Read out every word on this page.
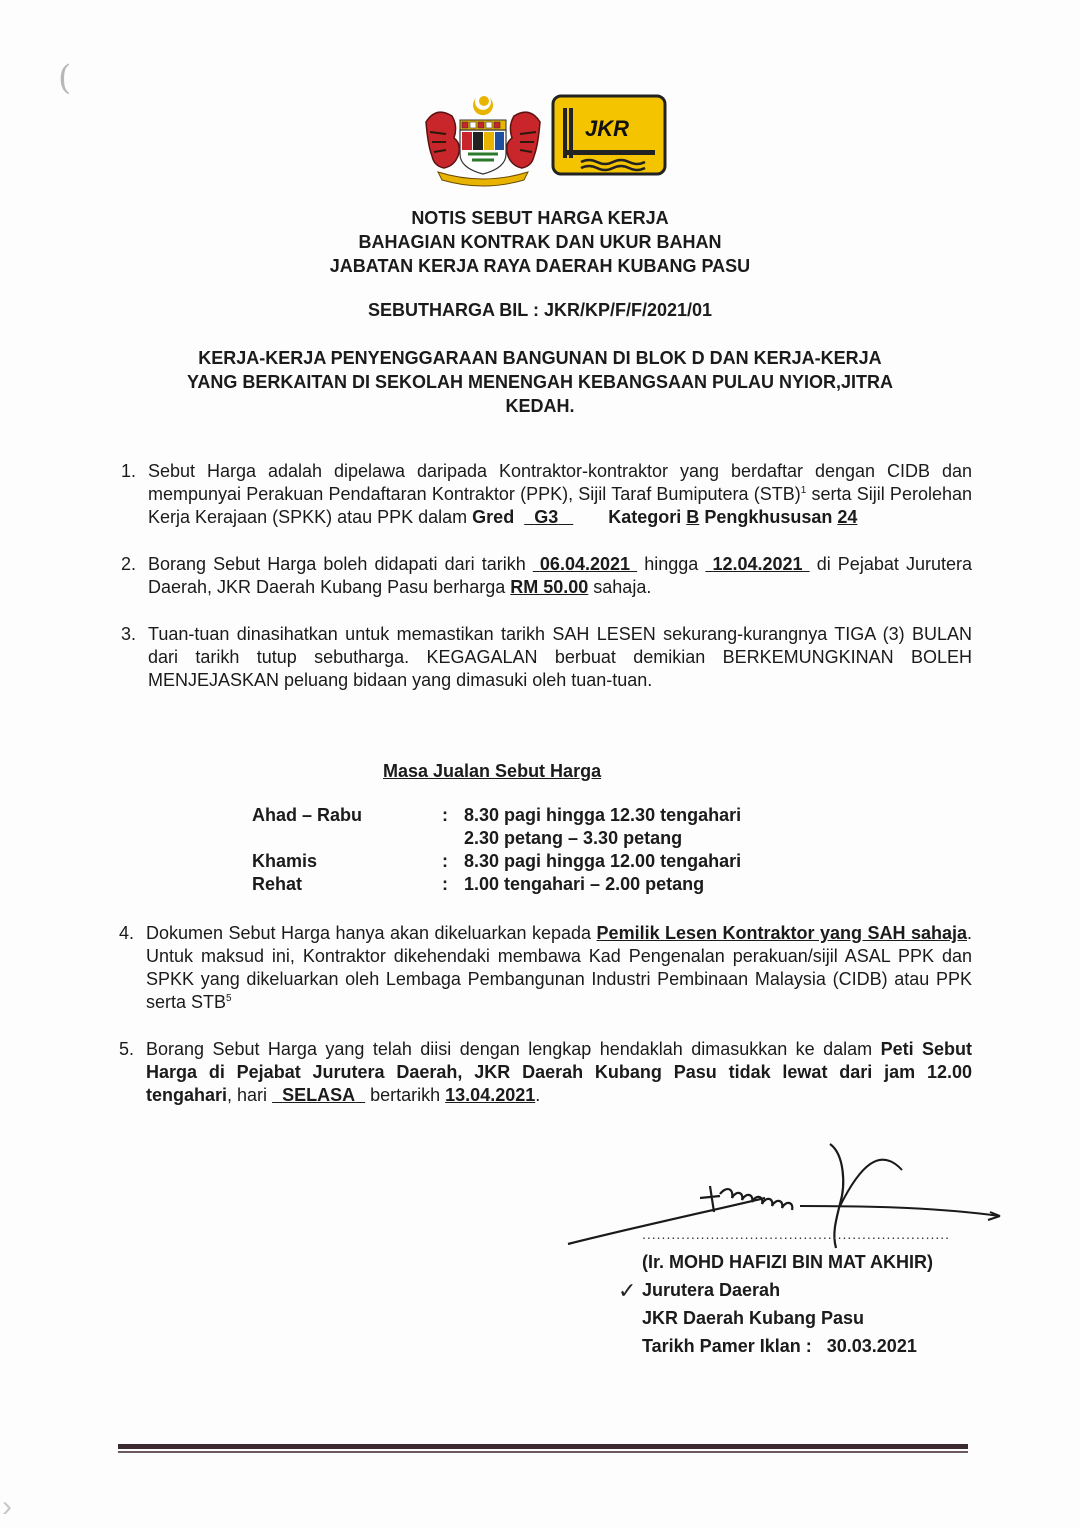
(
›
JKR
NOTIS SEBUT HARGA KERJA
BAHAGIAN KONTRAK DAN UKUR BAHAN
JABATAN KERJA RAYA DAERAH KUBANG PASU
SEBUTHARGA BIL : JKR/KP/F/F/2021/01
KERJA-KERJA PENYENGGARAAN BANGUNAN DI BLOK D DAN KERJA-KERJA
YANG BERKAITAN DI SEKOLAH MENENGAH KEBANGSAAN PULAU NYIOR,JITRA
KEDAH.
1. Sebut Harga adalah dipelawa daripada Kontraktor-kontraktor yang berdaftar dengan CIDB dan mempunyai Perakuan Pendaftaran Kontraktor (PPK), Sijil Taraf Bumiputera (STB)$^1$ serta Sijil Perolehan Kerja Kerajaan (SPKK) atau PPK dalam Gred G3	Kategori B Pengkhususan 24
2. Borang Sebut Harga boleh didapati dari tarikh  06.04.2021  hingga  12.04.2021  di Pejabat Jurutera Daerah, JKR Daerah Kubang Pasu berharga RM 50.00 sahaja.
3. Tuan-tuan dinasihatkan untuk memastikan tarikh SAH LESEN sekurang-kurangnya TIGA (3) BULAN dari tarikh tutup sebutharga. KEGAGALAN berbuat demikian BERKEMUNGKINAN BOLEH MENJEJASKAN peluang bidaan yang dimasuki oleh tuan-tuan.
Masa Jualan Sebut Harga
Ahad – Rabu	:	8.30 pagi hingga 12.30 tengahari
		2.30 petang – 3.30 petang
Khamis	:	8.30 pagi hingga 12.00 tengahari
Rehat	:	1.00 tengahari – 2.00 petang
4. Dokumen Sebut Harga hanya akan dikeluarkan kepada Pemilik Lesen Kontraktor yang SAH sahaja. Untuk maksud ini, Kontraktor dikehendaki membawa Kad Pengenalan perakuan/sijil ASAL PPK dan SPKK yang dikeluarkan oleh Lembaga Pembangunan Industri Pembinaan Malaysia (CIDB) atau PPK serta STB$^5$
5. Borang Sebut Harga yang telah diisi dengan lengkap hendaklah dimasukkan ke dalam Peti Sebut Harga di Pejabat Jurutera Daerah, JKR Daerah Kubang Pasu tidak lewat dari jam 12.00 tengahari, hari   SELASA   bertarikh 13.04.2021.
...............................................................
✓
(Ir. MOHD HAFIZI BIN MAT AKHIR)
Jurutera Daerah
JKR Daerah Kubang Pasu
Tarikh Pamer Iklan : 30.03.2021
